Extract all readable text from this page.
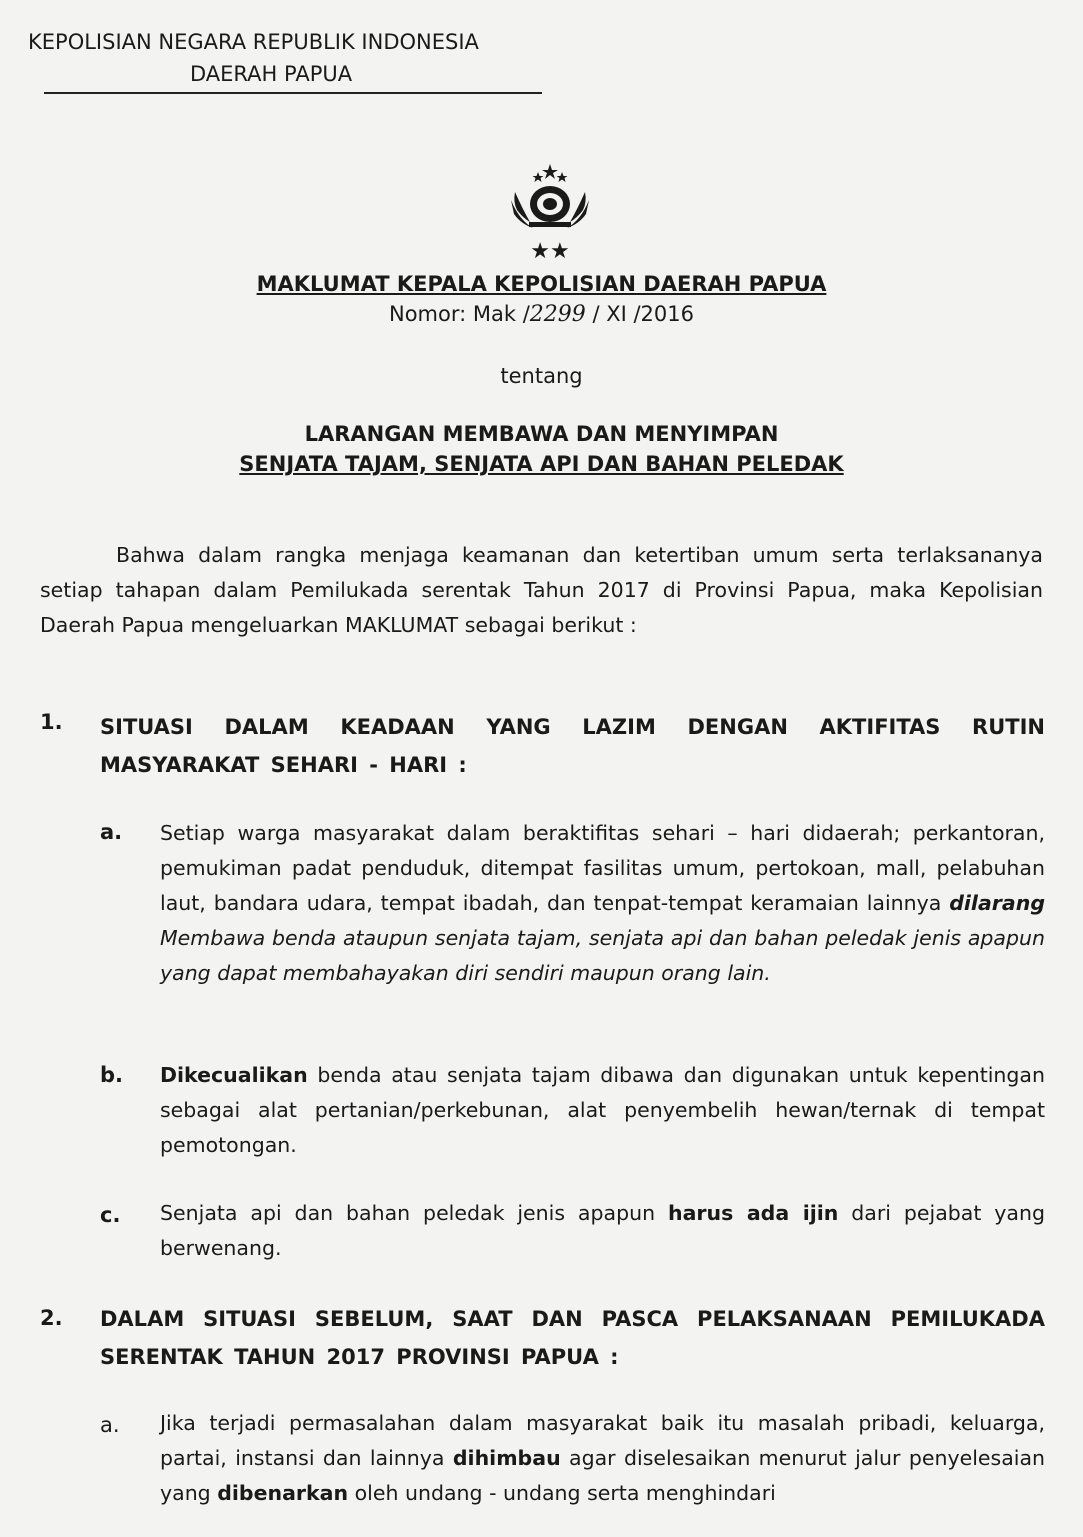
KEPOLISIAN NEGARA REPUBLIK INDONESIA
DAERAH PAPUA
★★
MAKLUMAT KEPALA KEPOLISIAN DAERAH PAPUA
Nomor: Mak /2299 / XI /2016
tentang
LARANGAN MEMBAWA DAN MENYIMPAN
SENJATA TAJAM, SENJATA API DAN BAHAN PELEDAK
Bahwa dalam rangka menjaga keamanan dan ketertiban umum serta terlaksananya setiap tahapan dalam Pemilukada serentak Tahun 2017 di Provinsi Papua, maka Kepolisian Daerah Papua mengeluarkan MAKLUMAT sebagai berikut :
1. SITUASI DALAM KEADAAN YANG LAZIM DENGAN AKTIFITAS RUTIN MASYARAKAT SEHARI - HARI :
a. Setiap warga masyarakat dalam beraktifitas sehari – hari didaerah; perkantoran, pemukiman padat penduduk, ditempat fasilitas umum, pertokoan, mall, pelabuhan laut, bandara udara, tempat ibadah, dan tenpat-tempat keramaian lainnya dilarang Membawa benda ataupun senjata tajam, senjata api dan bahan peledak jenis apapun yang dapat membahayakan diri sendiri maupun orang lain.
b. Dikecualikan benda atau senjata tajam dibawa dan digunakan untuk kepentingan sebagai alat pertanian/perkebunan, alat penyembelih hewan/ternak di tempat pemotongan.
c. Senjata api dan bahan peledak jenis apapun harus ada ijin dari pejabat yang berwenang.
2. DALAM SITUASI SEBELUM, SAAT DAN PASCA PELAKSANAAN PEMILUKADA SERENTAK TAHUN 2017 PROVINSI PAPUA :
a. Jika terjadi permasalahan dalam masyarakat baik itu masalah pribadi, keluarga, partai, instansi dan lainnya dihimbau agar diselesaikan menurut jalur penyelesaian yang dibenarkan oleh undang - undang serta menghindari
